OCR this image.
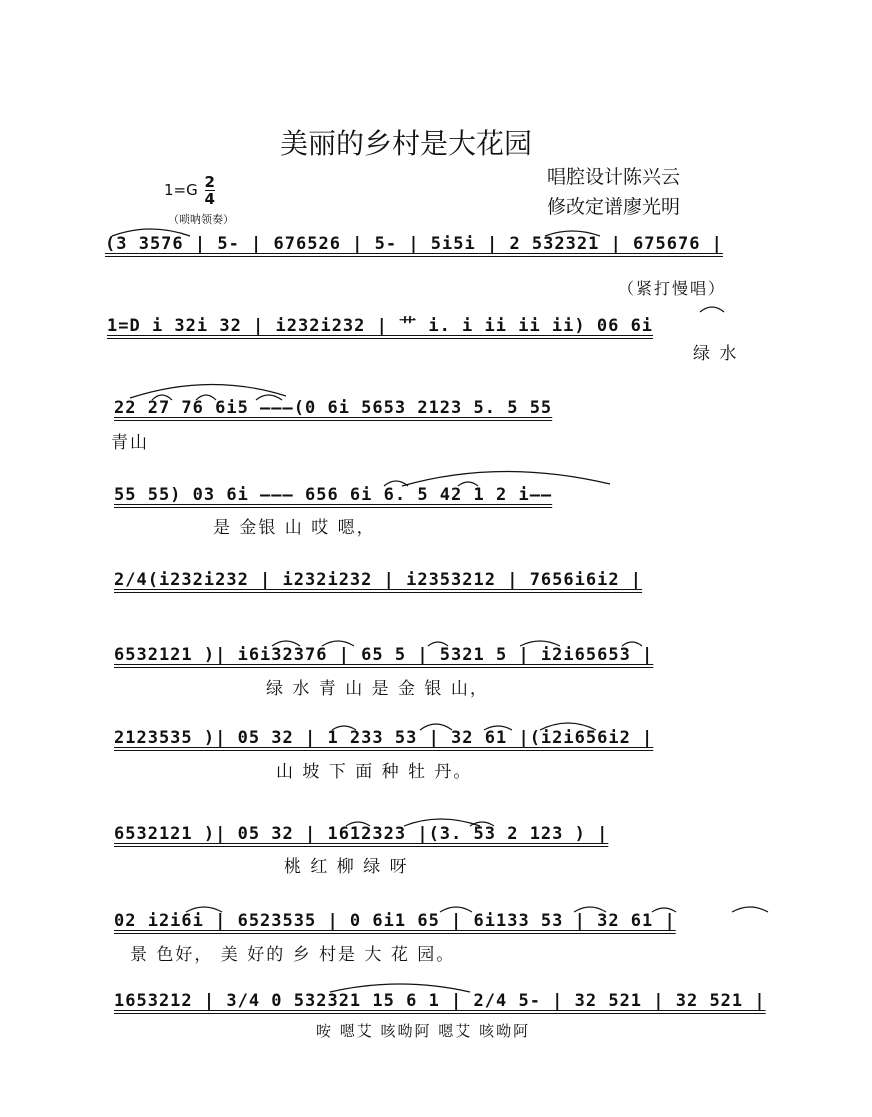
美丽的乡村是大花园
$1=G \frac{2}{4}$	唱腔设计陈兴云
修改定谱廖光明
（唢呐领奏）
(3 3576 | 5- | 676526 | 5- | 5i5i | 2 532321 | 675676 |
（紧打慢唱）
1=D i 32i 32 | i232i232 | ⺾ i. i ii ii ii) 06 6i
绿 水
22 27 76 6i5 ———(0 6i 5653 2123 5. 5 55
青山
55 55) 03 6i ——— 656 6i 6. 5 42 1 2 i——
是 金银 山 哎 嗯，
2/4(i232i232 | i232i232 | i2353212 | 7656i6i2 |
6532121 )| i6i32376 | 65 5 | 5321 5 | i2i65653 |
绿 水 青 山 是 金 银 山，
2123535 )| 05 32 | 1 233 53 | 32 61 |(i2i656i2 |
山 坡 下 面 种 牡 丹。
6532121 )| 05 32 | 1612323 |(3. 53 2 123 ) |
桃 红 柳 绿 呀
02 i2i6i | 6523535 | 0 6i1 65 | 6i133 53 | 32 61 |
景 色好， 美 好的 乡 村是 大 花 园。
1653212 | 3/4 0 532321 15 6 1 | 2/4 5- | 32 521 | 32 521 |
咹 嗯艾 咳呦阿 嗯艾 咳呦阿
